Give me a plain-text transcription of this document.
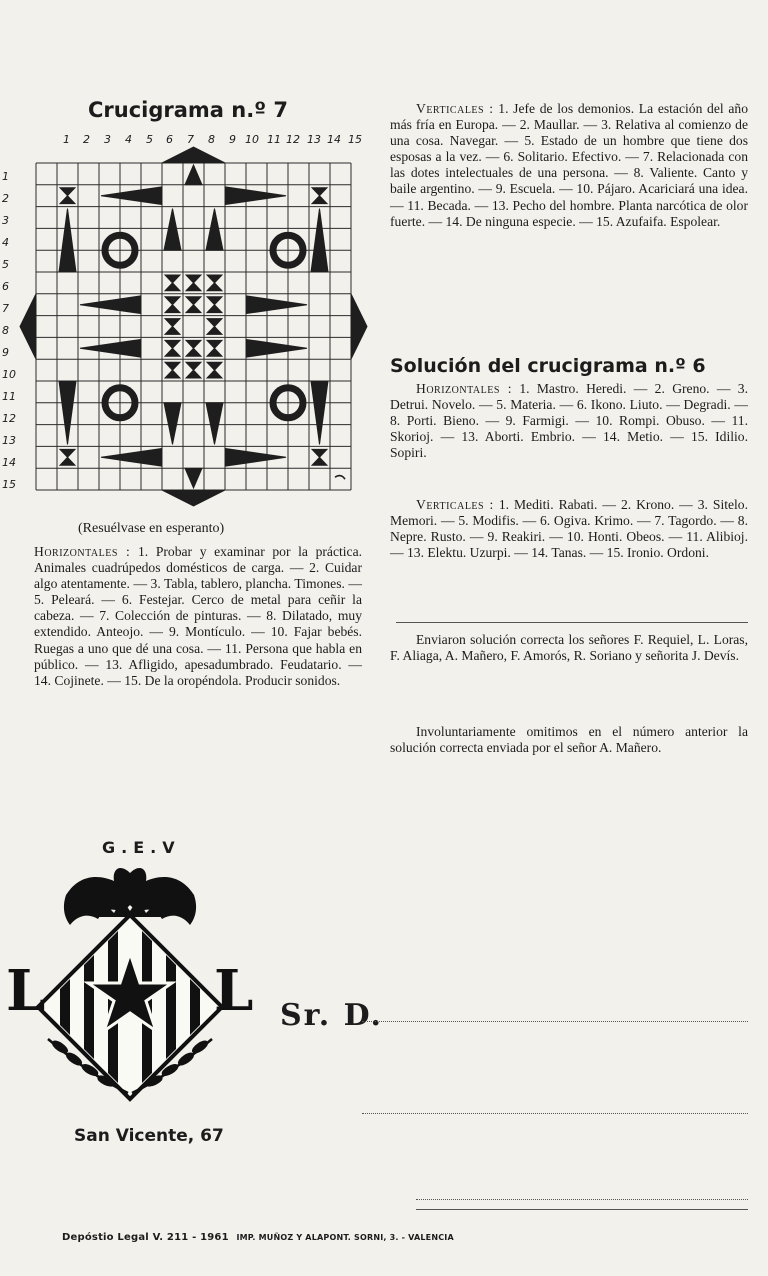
Crucigrama n.º 7
1 2 3 4 5 6 7 8 9 10 11 12 13 14 15
1
2
3
4
5
6
7
8
9
10
11
12
13
14
15
(Resuélvase en esperanto)
Horizontales : 1. Probar y examinar por la práctica. Animales cuadrúpedos domésticos de carga. — 2. Cuidar algo atentamente. — 3. Tabla, tablero, plancha. Timones. — 5. Peleará. — 6. Festejar. Cerco de metal para ceñir la cabeza. — 7. Colección de pinturas. — 8. Dilatado, muy extendido. Anteojo. — 9. Montículo. — 10. Fajar bebés. Ruegas a uno que dé una cosa. — 11. Persona que habla en público. — 13. Afligido, apesadumbrado. Feudatario. — 14. Cojinete. — 15. De la oropéndola. Producir sonidos.
Verticales : 1. Jefe de los demonios. La estación del año más fría en Europa. — 2. Maullar. — 3. Relativa al comienzo de una cosa. Navegar. — 5. Estado de un hombre que tiene dos esposas a la vez. — 6. Solitario. Efectivo. — 7. Relacionada con las dotes intelectuales de una persona. — 8. Valiente. Canto y baile argentino. — 9. Escuela. — 10. Pájaro. Acariciará una idea. — 11. Becada. — 13. Pecho del hombre. Planta narcótica de olor fuerte. — 14. De ninguna especie. — 15. Azufaifa. Espolear.
Solución del crucigrama n.º 6
Horizontales : 1. Mastro. Heredi. — 2. Greno. — 3. Detrui. Novelo. — 5. Materia. — 6. Ikono. Liuto. — Degradi. — 8. Porti. Bieno. — 9. Farmigi. — 10. Rompi. Obuso. — 11. Skorioj. — 13. Aborti. Embrio. — 14. Metio. — 15. Idilio. Sopiri.
Verticales : 1. Mediti. Rabati. — 2. Krono. — 3. Sitelo. Memori. — 5. Modifis. — 6. Ogiva. Krimo. — 7. Tagordo. — 8. Nepre. Rusto. — 9. Reakiri. — 10. Honti. Obeos. — 11. Alibioj. — 13. Elektu. Uzurpi. — 14. Tanas. — 15. Ironio. Ordoni.

Enviaron solución correcta los señores F. Requiel, L. Loras, F. Aliaga, A. Mañero, F. Amorós, R. Soriano y señorita J. Devís.

Involuntariamente omitimos en el número anterior la solución correcta enviada por el señor A. Mañero.

G.E.V
L	L Sr. D.
San Vicente, 67
Depóstio Legal V. 211 - 1961 IMP. MUÑOZ Y ALAPONT. SORNI, 3. - VALENCIA
